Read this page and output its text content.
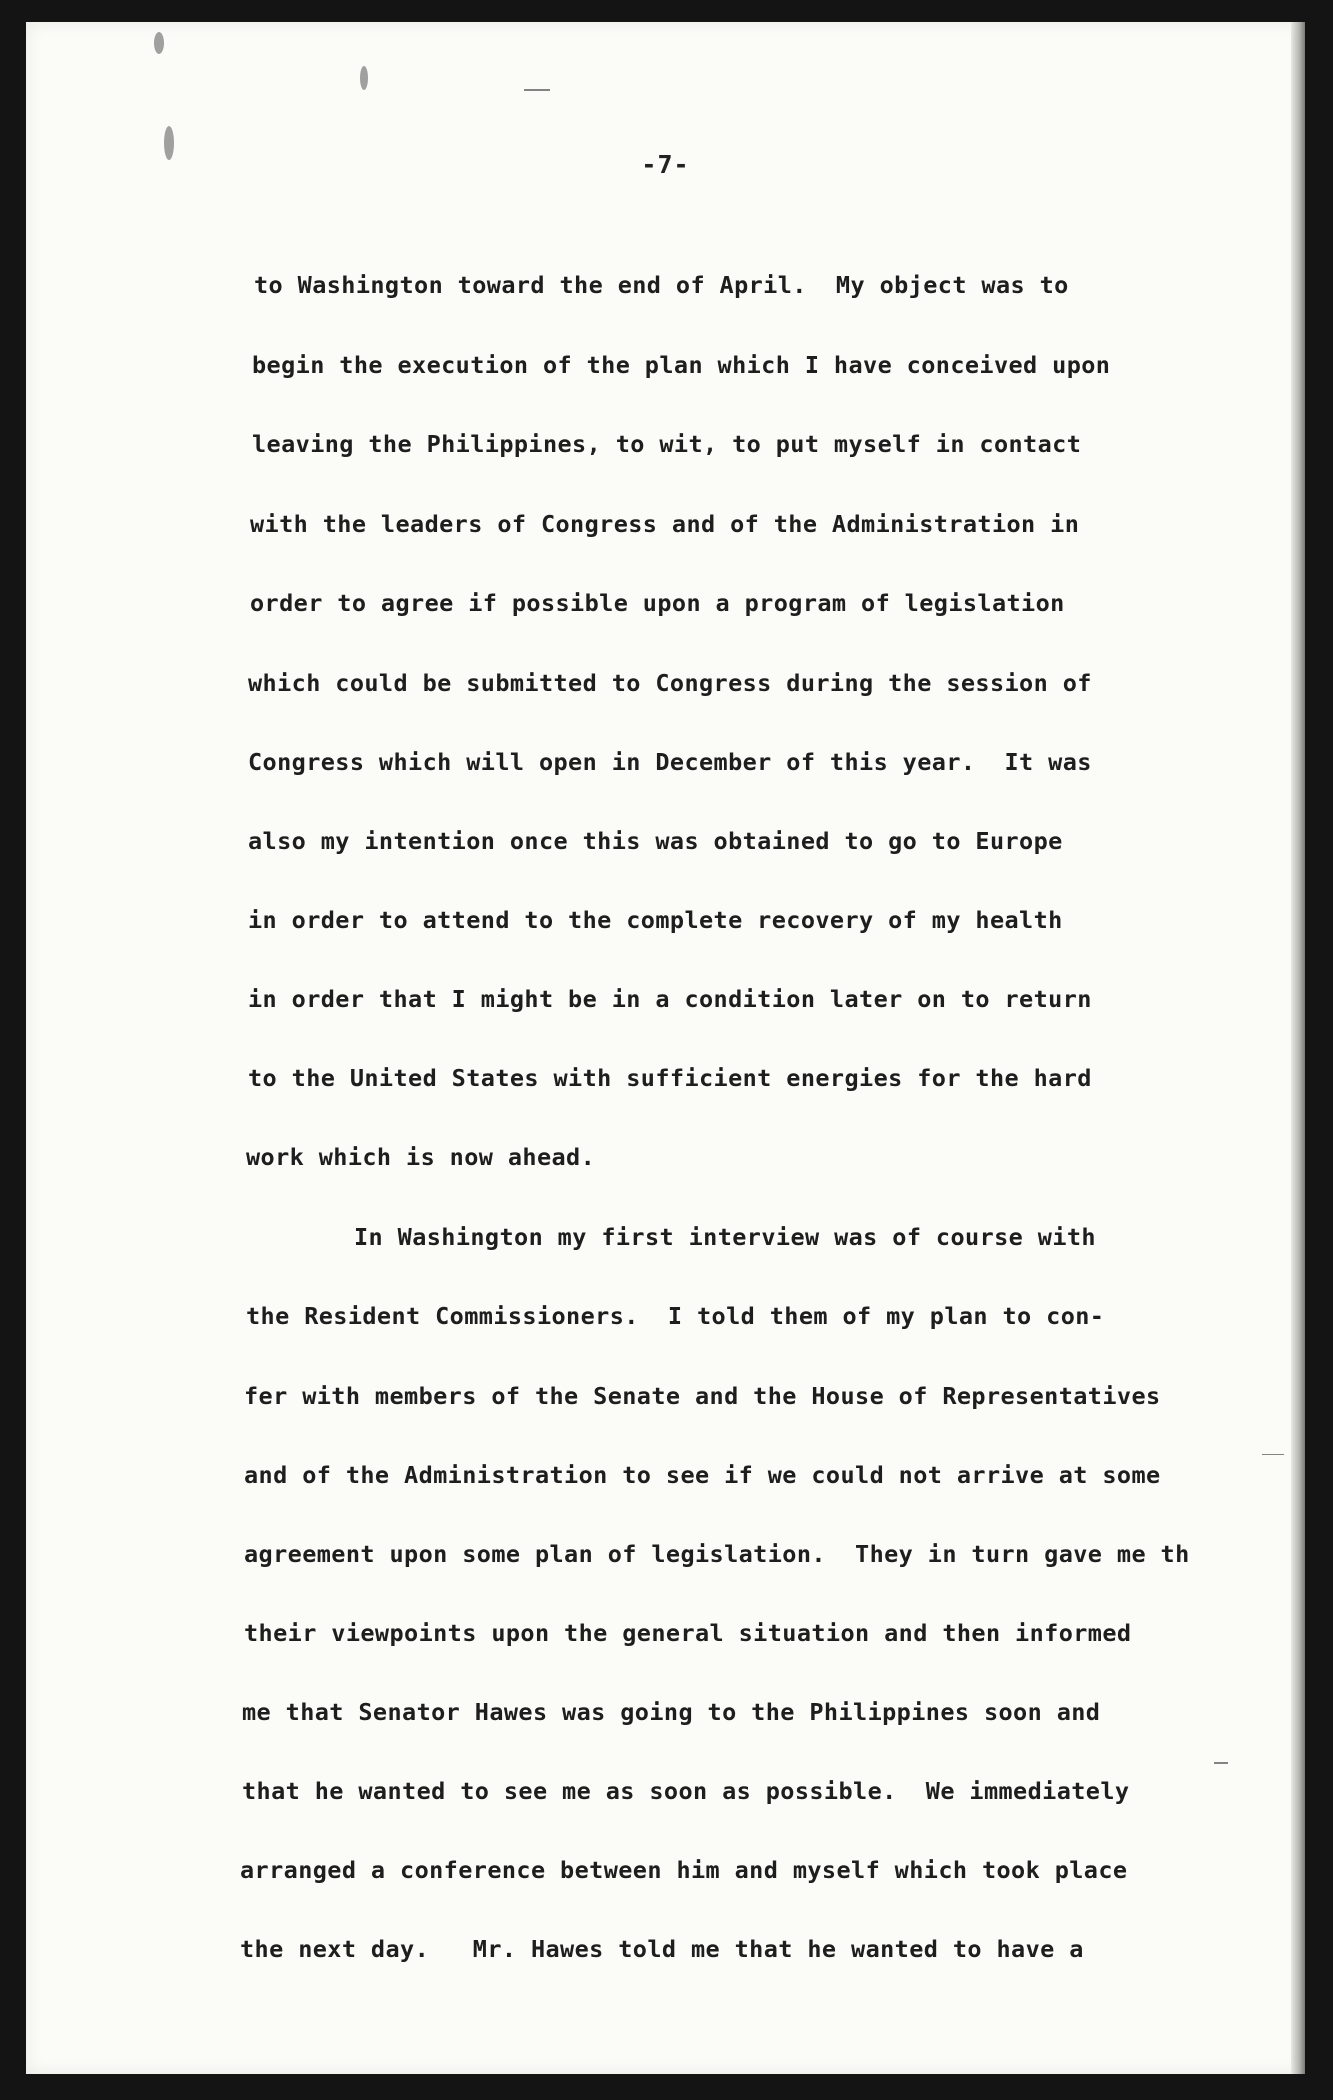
-7-
to Washington toward the end of April.  My object was to
begin the execution of the plan which I have conceived upon
leaving the Philippines, to wit, to put myself in contact
with the leaders of Congress and of the Administration in
order to agree if possible upon a program of legislation
which could be submitted to Congress during the session of
Congress which will open in December of this year.  It was
also my intention once this was obtained to go to Europe
in order to attend to the complete recovery of my health
in order that I might be in a condition later on to return
to the United States with sufficient energies for the hard
work which is now ahead.
In Washington my first interview was of course with
the Resident Commissioners.  I told them of my plan to con-
fer with members of the Senate and the House of Representatives
and of the Administration to see if we could not arrive at some
agreement upon some plan of legislation.  They in turn gave me th
their viewpoints upon the general situation and then informed
me that Senator Hawes was going to the Philippines soon and
that he wanted to see me as soon as possible.  We immediately
arranged a conference between him and myself which took place
the next day.   Mr. Hawes told me that he wanted to have a
